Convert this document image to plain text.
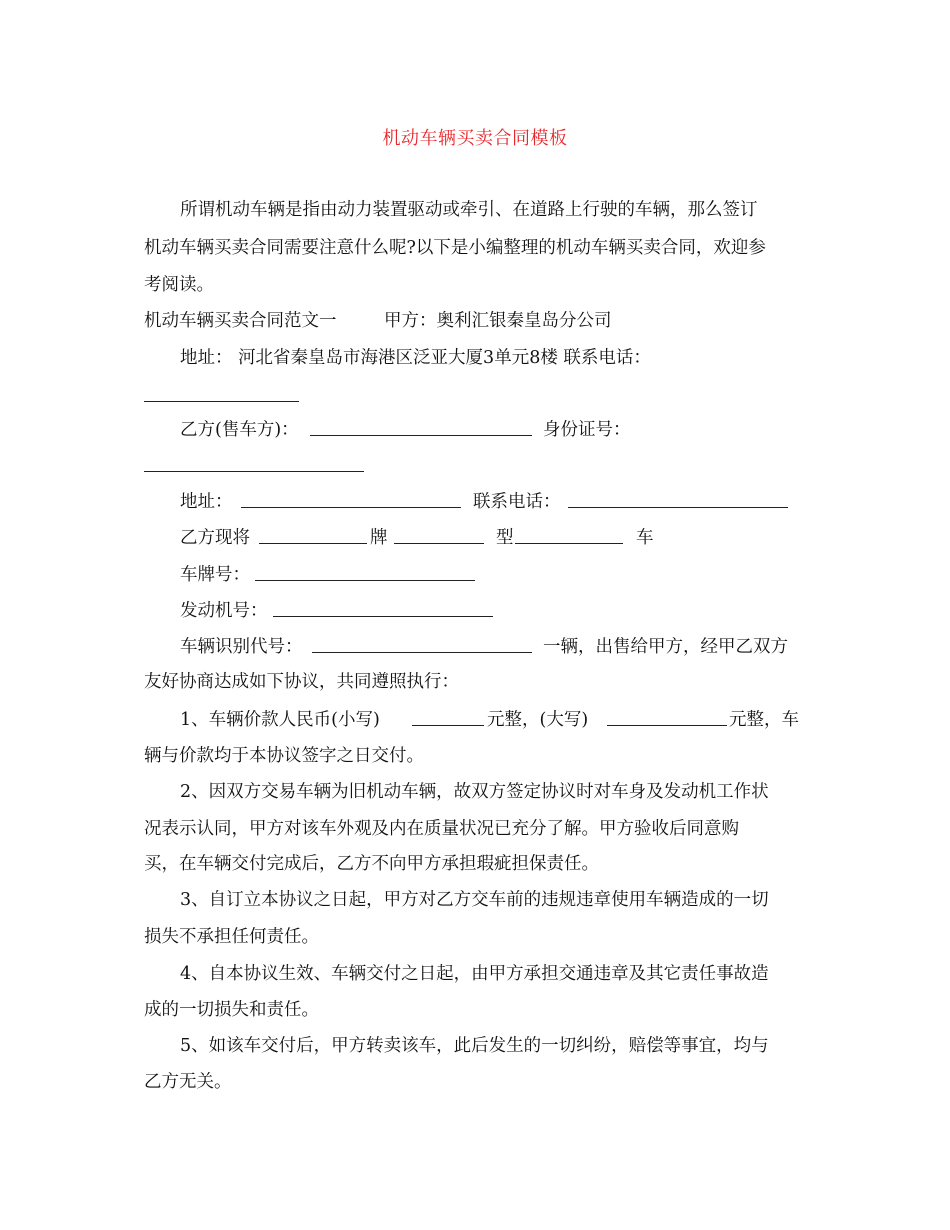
机动车辆买卖合同模板
所谓机动车辆是指由动力装置驱动或牵引、在道路上行驶的车辆，那么签订
机动车辆买卖合同需要注意什么呢?以下是小编整理的机动车辆买卖合同，欢迎参
考阅读。
机动车辆买卖合同范文一	甲方：奥利汇银秦皇岛分公司
地址： 河北省秦皇岛市海港区泛亚大厦3单元8楼 联系电话：
乙方(售车方)：	身份证号：
地址：	联系电话：
乙方现将	牌	型	车
车牌号：
发动机号：
车辆识别代号：	一辆，出售给甲方，经甲乙双方
友好协商达成如下协议，共同遵照执行：
1、车辆价款人民币(小写)	元整，(大写)	元整，车
辆与价款均于本协议签字之日交付。
2、因双方交易车辆为旧机动车辆，故双方签定协议时对车身及发动机工作状
况表示认同，甲方对该车外观及内在质量状况已充分了解。甲方验收后同意购
买，在车辆交付完成后，乙方不向甲方承担瑕疵担保责任。
3、自订立本协议之日起，甲方对乙方交车前的违规违章使用车辆造成的一切
损失不承担任何责任。
4、自本协议生效、车辆交付之日起，由甲方承担交通违章及其它责任事故造
成的一切损失和责任。
5、如该车交付后，甲方转卖该车，此后发生的一切纠纷，赔偿等事宜，均与
乙方无关。
